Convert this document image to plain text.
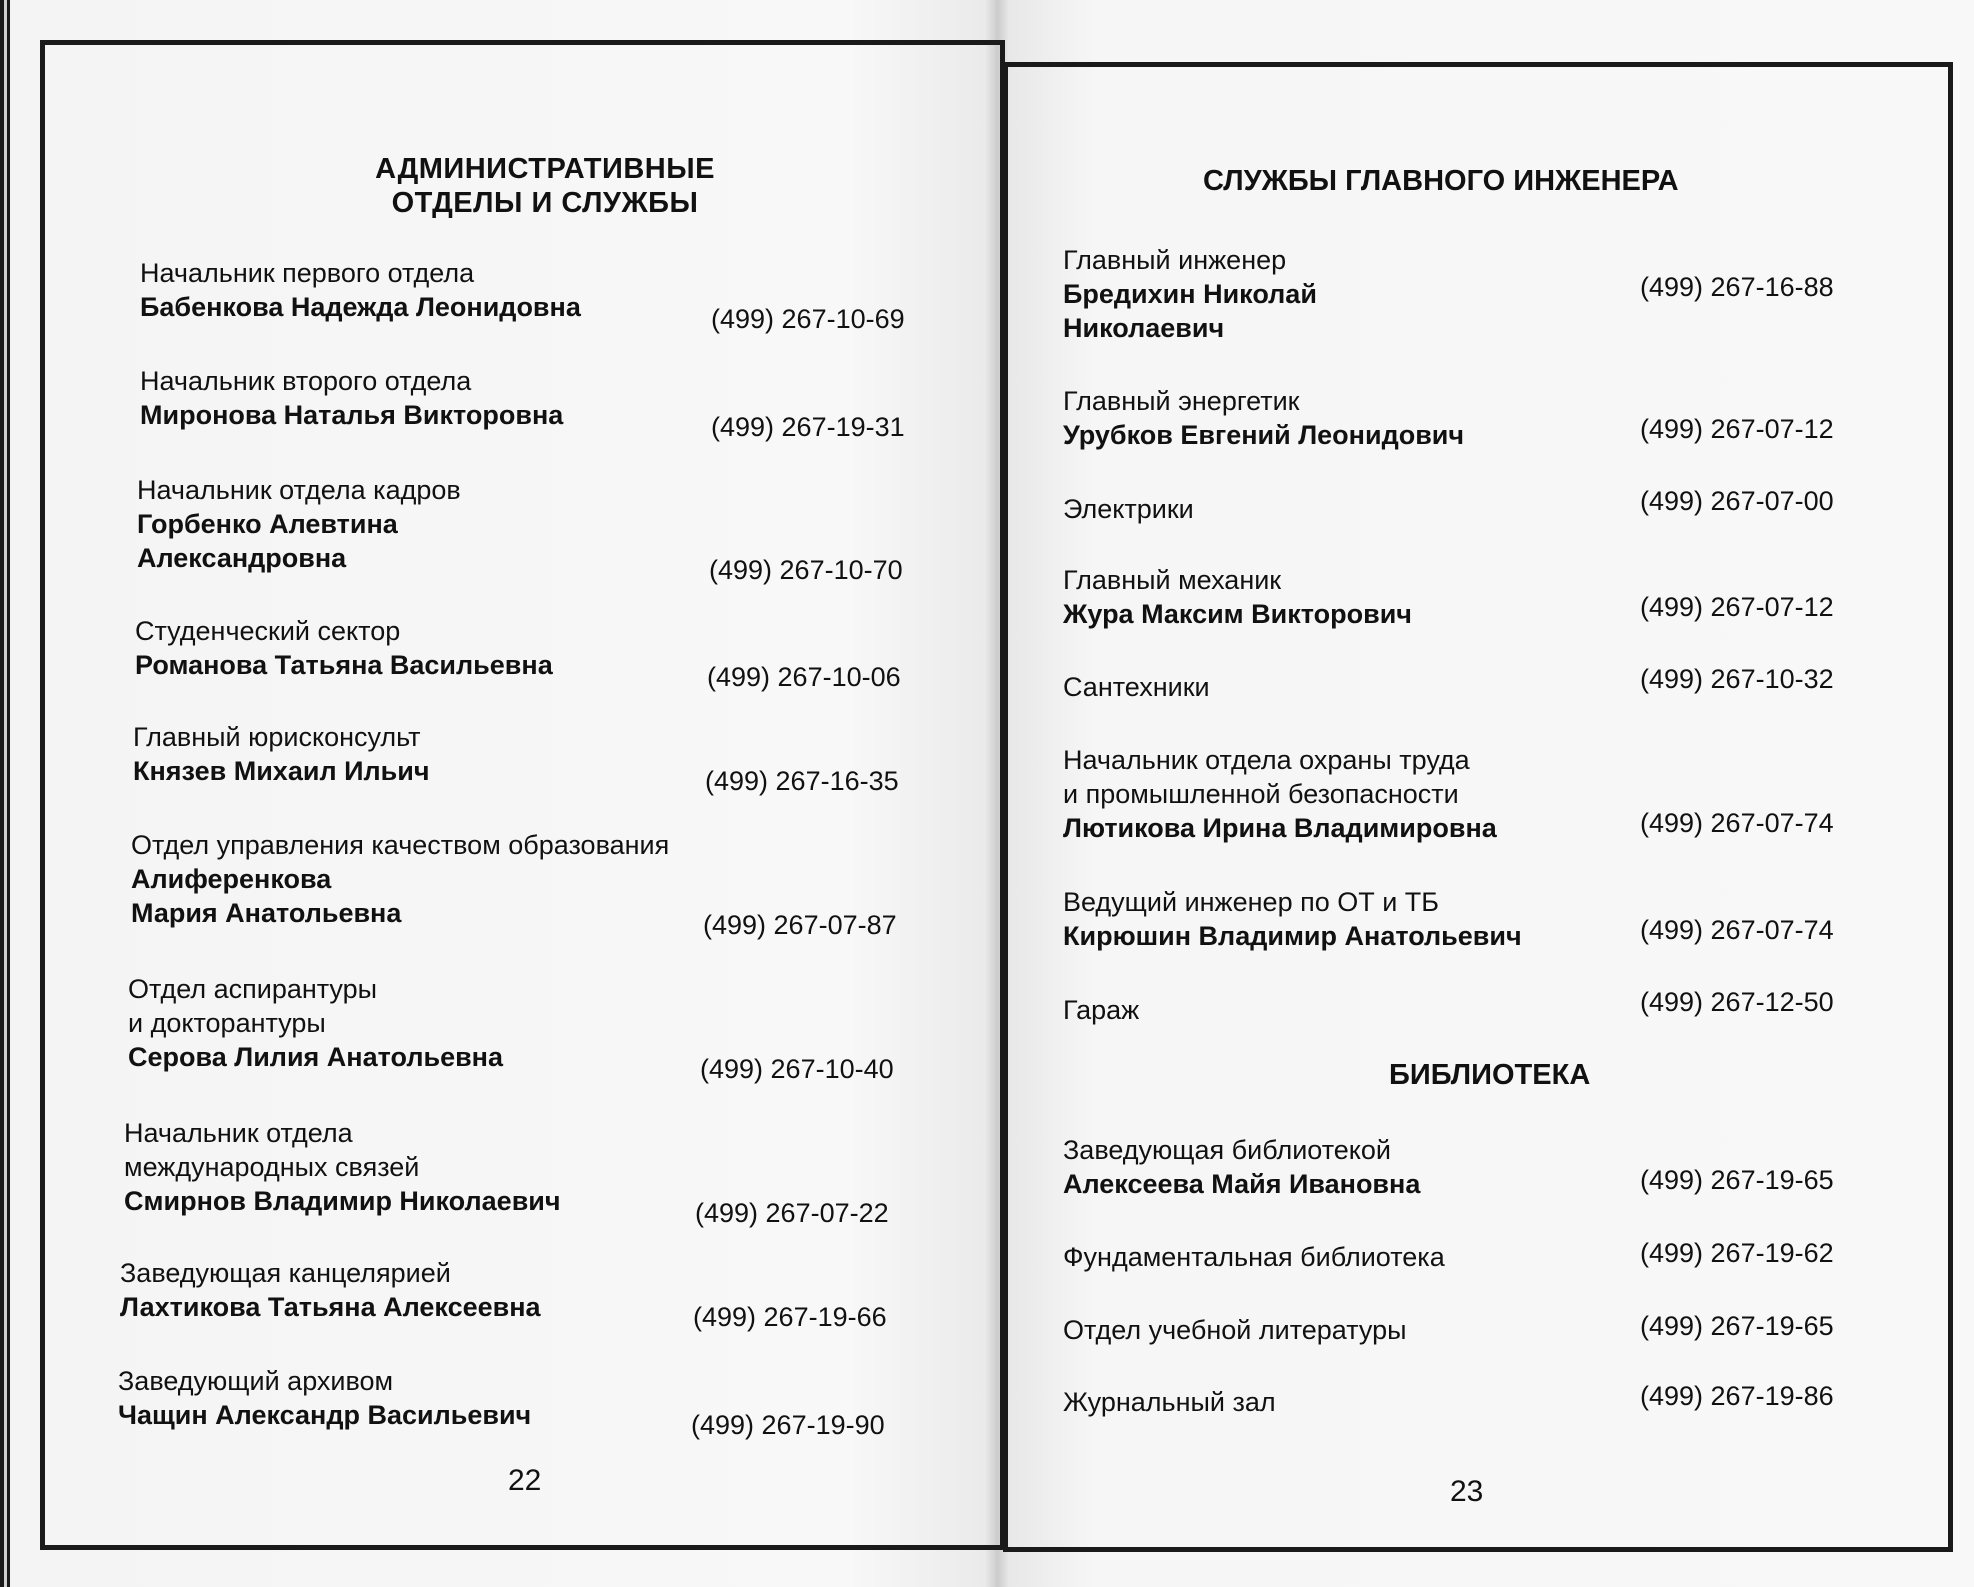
АДМИНИСТРАТИВНЫЕ
ОТДЕЛЫ И СЛУЖБЫ
Начальник первого отдела
Бабенкова Надежда Леонидовна	(499) 267-10-69
Начальник второго отдела
Миронова Наталья Викторовна	(499) 267-19-31
Начальник отдела кадров
Горбенко Алевтина
Александровна	(499) 267-10-70
Студенческий сектор
Романова Татьяна Васильевна	(499) 267-10-06
Главный юрисконсульт
Князев Михаил Ильич	(499) 267-16-35
Отдел управления качеством образования
Алиференкова
Мария Анатольевна	(499) 267-07-87
Отдел аспирантуры
и докторантуры
Серова Лилия Анатольевна	(499) 267-10-40
Начальник отдела
международных связей
Смирнов Владимир Николаевич	(499) 267-07-22
Заведующая канцелярией
Лахтикова Татьяна Алексеевна	(499) 267-19-66
Заведующий архивом
Чащин Александр Васильевич	(499) 267-19-90
22
СЛУЖБЫ ГЛАВНОГО ИНЖЕНЕРА
Главный инженер
Бредихин Николай
Николаевич
(499) 267-16-88
Главный энергетик
Урубков Евгений Леонидович	(499) 267-07-12
Электрики	(499) 267-07-00
Главный механик
Жура Максим Викторович	(499) 267-07-12
Сантехники	(499) 267-10-32
Начальник отдела охраны труда
и промышленной безопасности
Лютикова Ирина Владимировна	(499) 267-07-74
Ведущий инженер по ОТ и ТБ
Кирюшин Владимир Анатольевич	(499) 267-07-74
Гараж	(499) 267-12-50
БИБЛИОТЕКА
Заведующая библиотекой
Алексеева Майя Ивановна	(499) 267-19-65
Фундаментальная библиотека	(499) 267-19-62
Отдел учебной литературы	(499) 267-19-65
Журнальный зал	(499) 267-19-86
23
